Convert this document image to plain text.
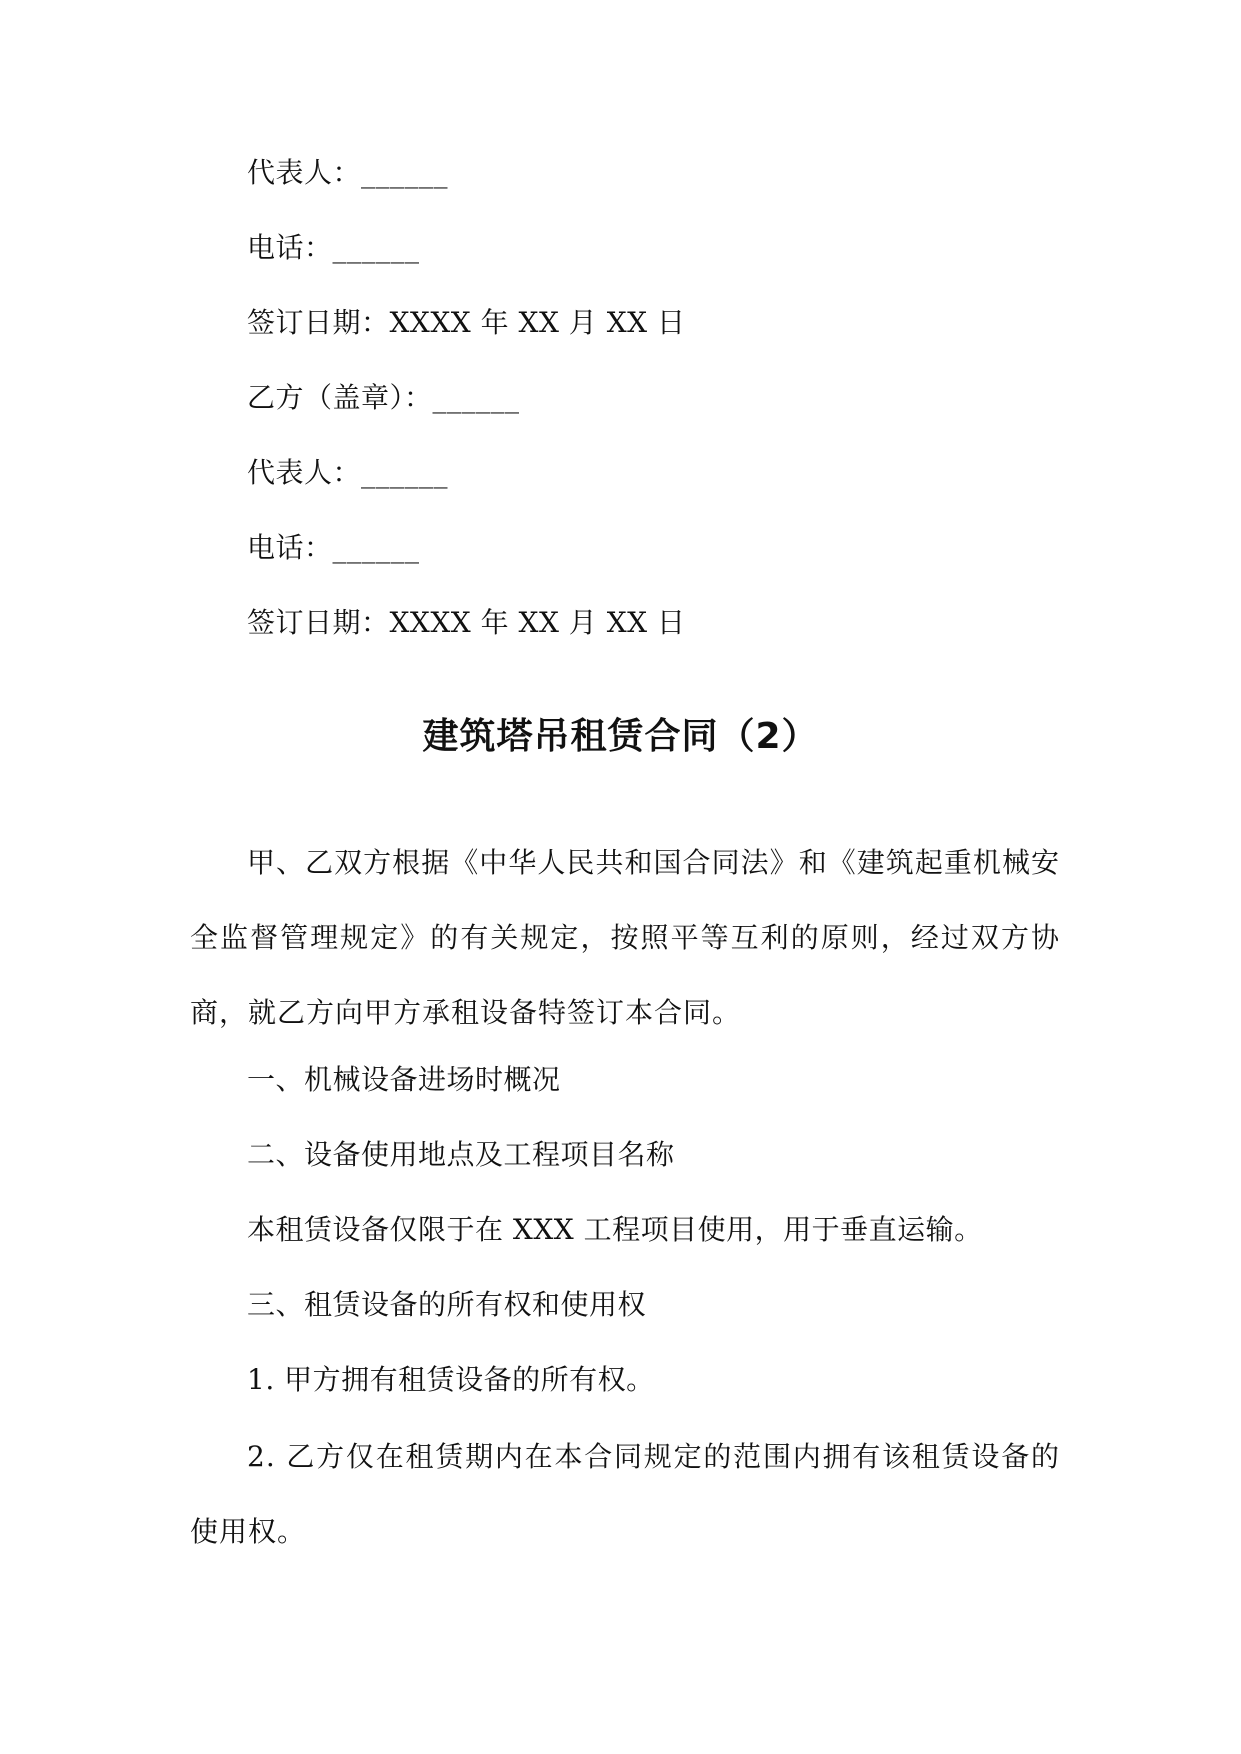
代表人：______
电话：______
签订日期：XXXX 年 XX 月 XX 日
乙方（盖章）：______
代表人：______
电话：______
签订日期：XXXX 年 XX 月 XX 日
建筑塔吊租赁合同（2）

甲、乙双方根据《中华人民共和国合同法》和《建筑起重机械安全监督管理规定》的有关规定，按照平等互利的原则，经过双方协商，就乙方向甲方承租设备特签订本合同。

一、机械设备进场时概况
二、设备使用地点及工程项目名称
本租赁设备仅限于在 XXX 工程项目使用，用于垂直运输。
三、租赁设备的所有权和使用权
1. 甲方拥有租赁设备的所有权。

2. 乙方仅在租赁期内在本合同规定的范围内拥有该租赁设备的使用权。
